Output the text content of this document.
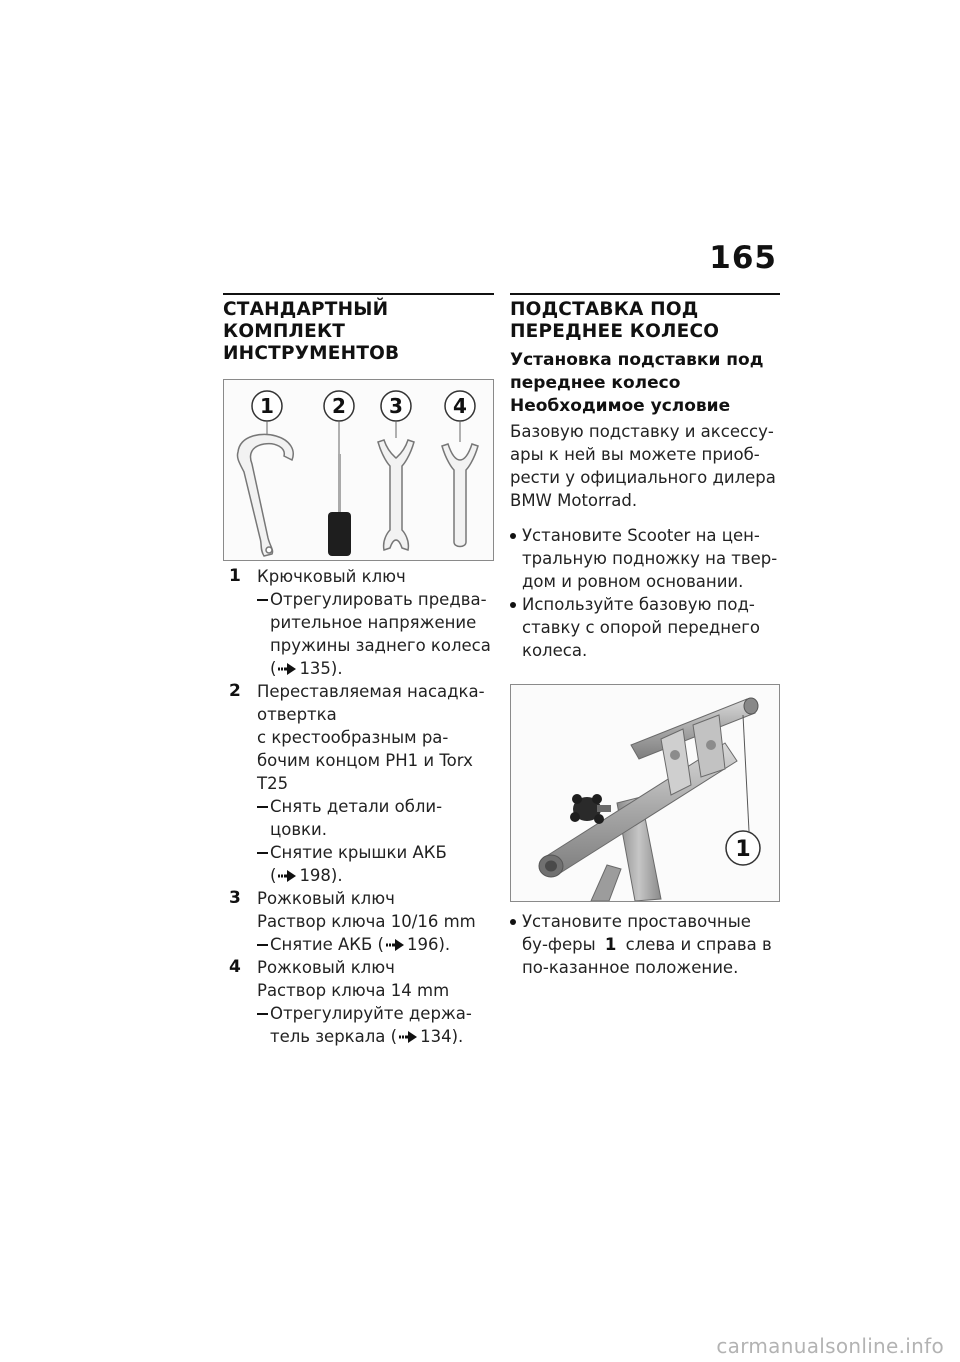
165
СТАНДАРТНЫЙ
КОМПЛЕКТ ИНСТРУМЕНТОВ
1	2 3	4
1 Крючковый ключ
Отрегулировать предва-рительное напряжение пружины заднего колеса ( 135).
2 Переставляемая насадка-отвертка
с крестообразным ра-бочим концом PH1 и Torx T25
Снять детали обли-цовки.
Снятие крышки АКБ ( 198).
3 Рожковый ключ
Раствор ключа 10/16 mm
Снятие АКБ ( 196).
4 Рожковый ключ
Раствор ключа 14 mm
Отрегулируйте держа-тель зеркала ( 134).
ПОДСТАВКА ПОД
ПЕРЕДНЕЕ КОЛЕСО
Установка подставки под переднее колесо
Необходимое условие
Базовую подставку и аксессу-ары к ней вы можете приоб-рести у официального дилера BMW Motorrad.
Установите Scooter на цен-тральную подножку на твер-дом и ровном основании.
Используйте базовую под-ставку с опорой переднего колеса.
1
Установите проставочные бу-феры 1 слева и справа в по-казанное положение.
carmanualsonline.info
